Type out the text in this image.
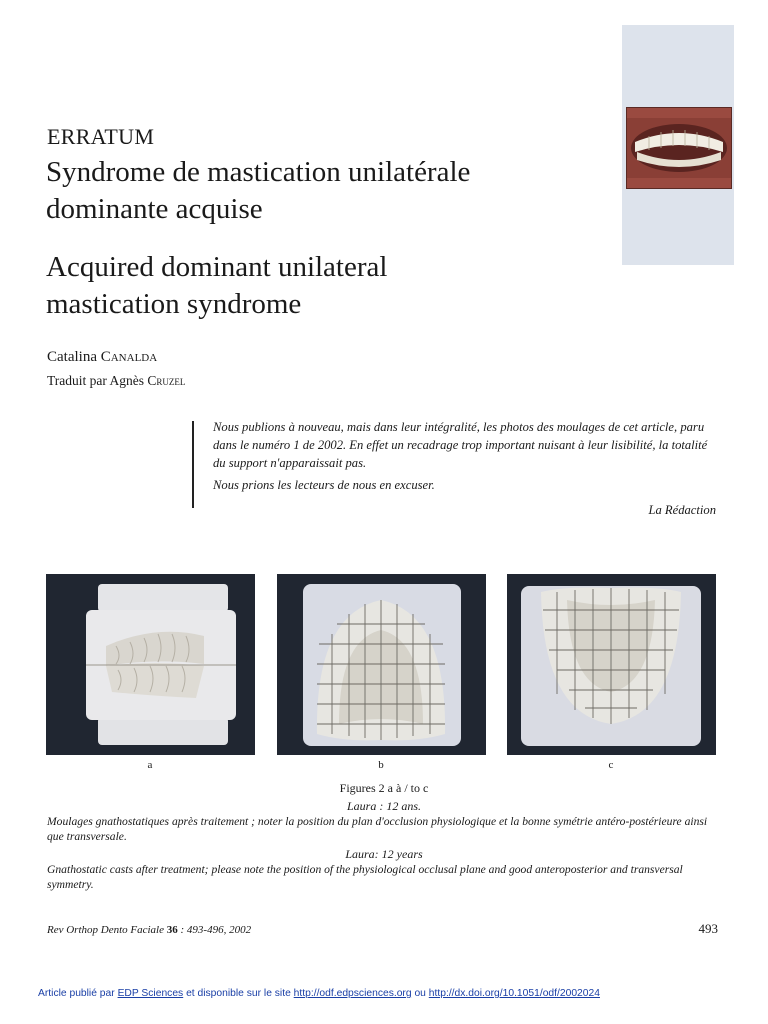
ERRATUM
Syndrome de mastication unilatérale
dominante acquise
Acquired dominant unilateral
mastication syndrome
Catalina Canalda
Traduit par Agnès Cruzel

Nous publions à nouveau, mais dans leur intégralité, les photos des moulages de cet article, paru dans le numéro 1 de 2002. En effet un recadrage trop important nuisant à leur lisibilité, la totalité du support n'apparaissait pas.

Nous prions les lecteurs de nous en excuser.

La Rédaction
a	b	c
Figures 2 a à / to c
Laura : 12 ans.
Moulages gnathostatiques après traitement ; noter la position du plan d'occlusion physiologique et la bonne symétrie antéro-postérieure ainsi que transversale.
Laura: 12 years
Gnathostatic casts after treatment; please note the position of the physiological occlusal plane and good anteroposterior and transversal symmetry.
Rev Orthop Dento Faciale 36 : 493-496, 2002	493
Article publié par EDP Sciences et disponible sur le site http://odf.edpsciences.org ou http://dx.doi.org/10.1051/odf/2002024
